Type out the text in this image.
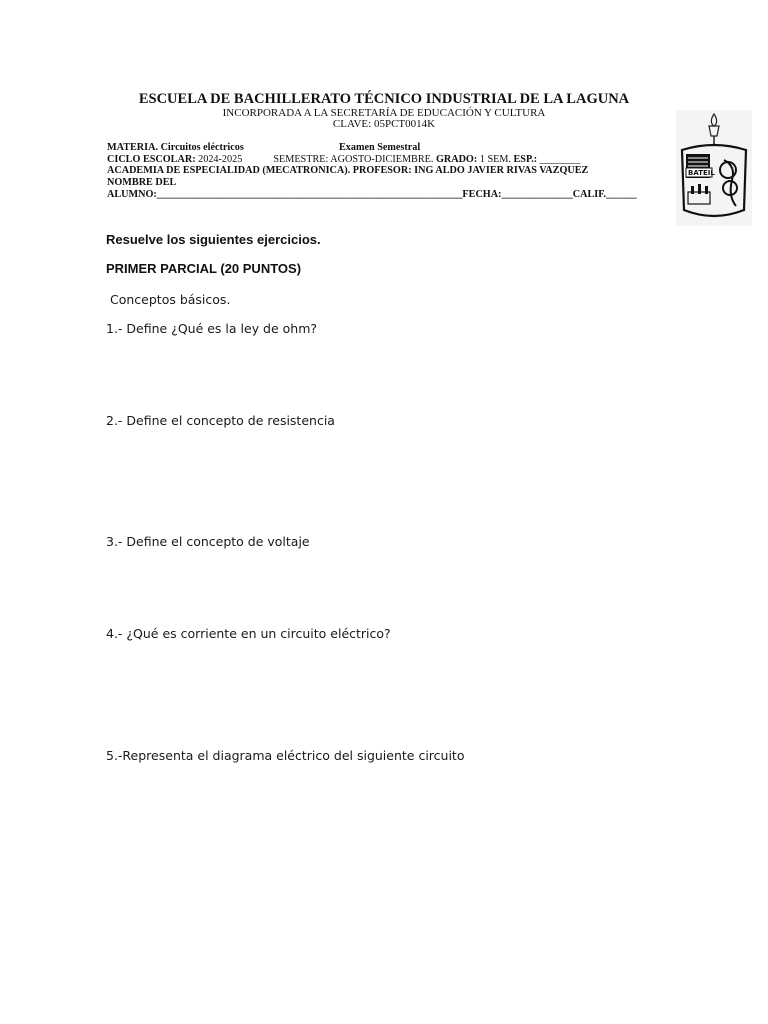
ESCUELA DE BACHILLERATO TÉCNICO INDUSTRIAL DE LA LAGUNA
INCORPORADA A LA SECRETARÍA DE EDUCACIÓN Y CULTURA
CLAVE: 05PCT0014K
MATERIA. Circuitos eléctricos	Examen Semestral
CICLO ESCOLAR: 2024-2025	SEMESTRE: AGOSTO-DICIEMBRE. GRADO: 1 SEM. ESP.: ________
ACADEMIA DE ESPECIALIDAD (MECATRONICA). PROFESOR: ING ALDO JAVIER RIVAS VAZQUEZ
NOMBRE DEL
ALUMNO:____________________________________________________________FECHA:______________CALIF.______
BATEIL
Resuelve los siguientes ejercicios.
PRIMER PARCIAL (20 PUNTOS)
Conceptos básicos.
1.- Define ¿Qué es la ley de ohm?
2.- Define el concepto de resistencia
3.- Define el concepto de voltaje
4.- ¿Qué es corriente en un circuito eléctrico?
5.-Representa el diagrama eléctrico del siguiente circuito
